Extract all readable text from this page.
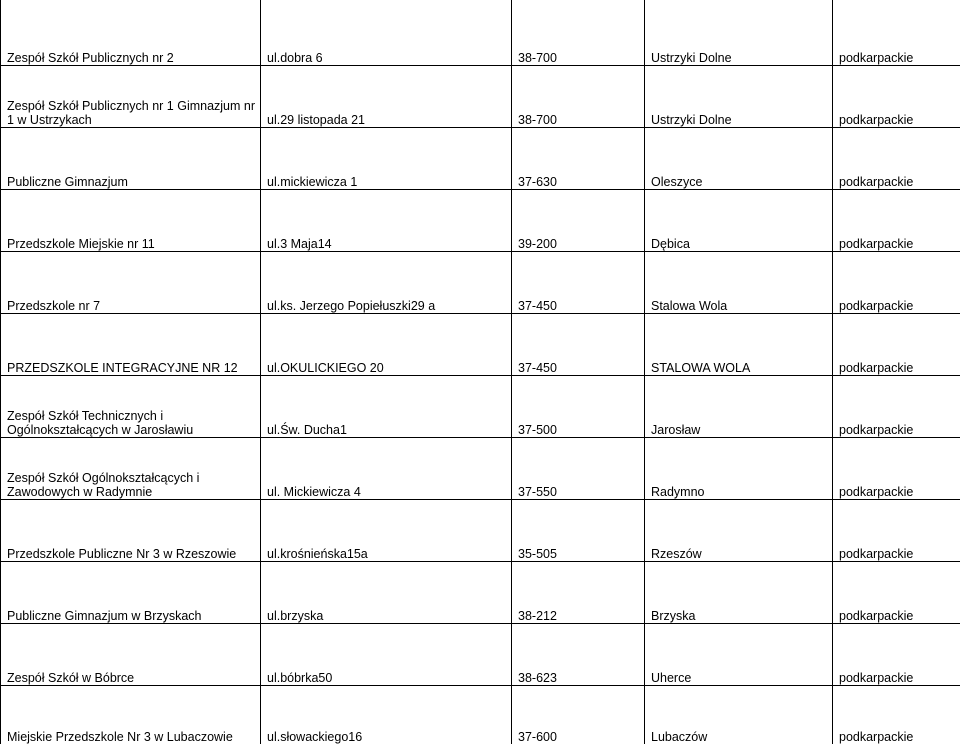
Zespół Szkół Publicznych nr 2	ul.dobra 6	38-700	Ustrzyki Dolne	podkarpackie
Zespół Szkół Publicznych nr 1 Gimnazjum nr 1 w Ustrzykach	ul.29 listopada 21	38-700	Ustrzyki Dolne	podkarpackie
Publiczne Gimnazjum	ul.mickiewicza 1	37-630	Oleszyce	podkarpackie
Przedszkole Miejskie nr 11	ul.3 Maja14	39-200	Dębica	podkarpackie
Przedszkole nr 7	ul.ks. Jerzego Popiełuszki29 a	37-450	Stalowa Wola	podkarpackie
PRZEDSZKOLE INTEGRACYJNE NR 12	ul.OKULICKIEGO 20	37-450	STALOWA WOLA	podkarpackie
Zespół Szkół Technicznych i Ogólnokształcących w Jarosławiu	ul.Św. Ducha1	37-500	Jarosław	podkarpackie
Zespół Szkół Ogólnokształcących i Zawodowych w Radymnie	ul. Mickiewicza 4	37-550	Radymno	podkarpackie
Przedszkole Publiczne Nr 3 w Rzeszowie	ul.krośnieńska15a	35-505	Rzeszów	podkarpackie
Publiczne Gimnazjum w Brzyskach	ul.brzyska	38-212	Brzyska	podkarpackie
Zespół Szkół w Bóbrce	ul.bóbrka50	38-623	Uherce	podkarpackie
Miejskie Przedszkole Nr 3 w Lubaczowie	ul.słowackiego16	37-600	Lubaczów	podkarpackie
